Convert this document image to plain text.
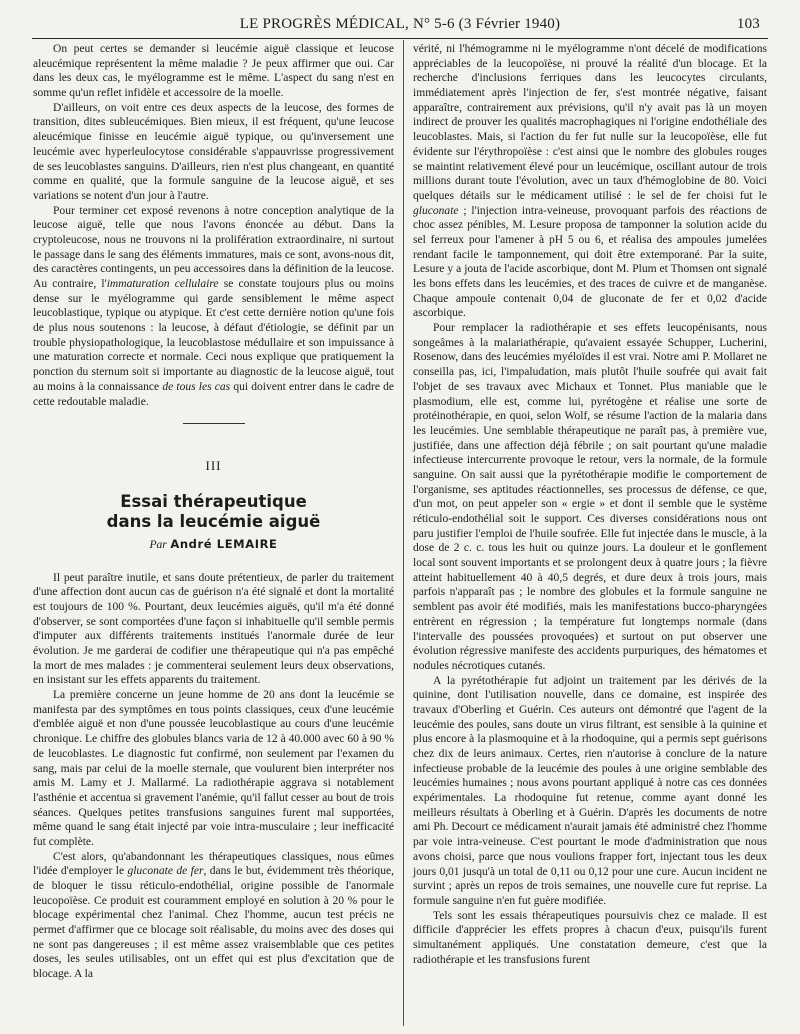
LE PROGRÈS MÉDICAL, N° 5-6 (3 Février 1940)	103

On peut certes se demander si leucémie aiguë classique et leucose aleucémique représentent la même maladie ? Je peux affirmer que oui. Car dans les deux cas, le myélogramme est le même. L'aspect du sang n'est en somme qu'un reflet infidèle et accessoire de la moelle.

D'ailleurs, on voit entre ces deux aspects de la leucose, des formes de transition, dites subleucémiques. Bien mieux, il est fréquent, qu'une leucose aleucémique finisse en leucémie aiguë typique, ou qu'inversement une leucémie avec hyperleulocytose considérable s'appauvrisse progressivement de ses leucoblastes sanguins. D'ailleurs, rien n'est plus changeant, en quantité comme en qualité, que la formule sanguine de la leucose aiguë, et ses variations se notent d'un jour à l'autre.

Pour terminer cet exposé revenons à notre conception analytique de la leucose aiguë, telle que nous l'avons énoncée au début. Dans la cryptoleucose, nous ne trouvons ni la prolifération extraordinaire, ni surtout le passage dans le sang des éléments immatures, mais ce sont, avons-nous dit, des caractères contingents, un peu accessoires dans la définition de la leucose. Au contraire, l'immaturation cellulaire se constate toujours plus ou moins dense sur le myélogramme qui garde sensiblement le même aspect leucoblastique, typique ou atypique. Et c'est cette dernière notion qu'une fois de plus nous soutenons : la leucose, à défaut d'étiologie, se définit par un trouble physiopathologique, la leucoblastose médullaire et son impuissance à une maturation correcte et normale. Ceci nous explique que pratiquement la ponction du sternum soit si importante au diagnostic de la leucose aiguë, tout au moins à la connaissance de tous les cas qui doivent entrer dans le cadre de cette redoutable maladie.

III
Essai thérapeutique
dans la leucémie aiguë
Par André LEMAIRE

Il peut paraître inutile, et sans doute prétentieux, de parler du traitement d'une affection dont aucun cas de guérison n'a été signalé et dont la mortalité est toujours de 100 %. Pourtant, deux leucémies aiguës, qu'il m'a été donné d'observer, se sont comportées d'une façon si inhabituelle qu'il semble permis d'imputer aux différents traitements institués l'anormale durée de leur évolution. Je me garderai de codifier une thérapeutique qui n'a pas empêché la mort de mes malades : je commenterai seulement leurs deux observations, en insistant sur les effets apparents du traitement.

La première concerne un jeune homme de 20 ans dont la leucémie se manifesta par des symptômes en tous points classiques, ceux d'une leucémie d'emblée aiguë et non d'une poussée leucoblastique au cours d'une leucémie chronique. Le chiffre des globules blancs varia de 12 à 40.000 avec 60 à 90 % de leucoblastes. Le diagnostic fut confirmé, non seulement par l'examen du sang, mais par celui de la moelle sternale, que voulurent bien interpréter nos amis M. Lamy et J. Mallarmé. La radiothérapie aggrava si notablement l'asthénie et accentua si gravement l'anémie, qu'il fallut cesser au bout de trois séances. Quelques petites transfusions sanguines furent mal supportées, même quand le sang était injecté par voie intra-musculaire ; leur inefficacité fut complète.

C'est alors, qu'abandonnant les thérapeutiques classiques, nous eûmes l'idée d'employer le gluconate de fer, dans le but, évidemment très théorique, de bloquer le tissu réticulo-endothélial, origine possible de l'anormale leucopoïèse. Ce produit est couramment employé en solution à 20 % pour le blocage expérimental chez l'animal. Chez l'homme, aucun test précis ne permet d'affirmer que ce blocage soit réalisable, du moins avec des doses qui ne sont pas dangereuses ; il est même assez vraisemblable que ces petites doses, les seules utilisables, ont un effet qui est plus d'excitation que de blocage. A la

vérité, ni l'hémogramme ni le myélogramme n'ont décelé de modifications appréciables de la leucopoïèse, ni prouvé la réalité d'un blocage. Et la recherche d'inclusions ferriques dans les leucocytes circulants, immédiatement après l'injection de fer, s'est montrée négative, faisant apparaître, contrairement aux prévisions, qu'il n'y avait pas là un moyen indirect de prouver les qualités macrophagiques ni l'origine endothéliale des leucoblastes. Mais, si l'action du fer fut nulle sur la leucopoïèse, elle fut évidente sur l'érythropoïèse : c'est ainsi que le nombre des globules rouges se maintint relativement élevé pour un leucémique, oscillant autour de trois millions durant toute l'évolution, avec un taux d'hémoglobine de 80. Voici quelques détails sur le médicament utilisé : le sel de fer choisi fut le gluconate ; l'injection intra-veineuse, provoquant parfois des réactions de choc assez pénibles, M. Lesure proposa de tamponner la solution acide du sel ferreux pour l'amener à pH 5 ou 6, et réalisa des ampoules jumelées rendant facile le tamponnement, qui doit être extemporané. Par la suite, Lesure y a jouta de l'acide ascorbique, dont M. Plum et Thomsen ont signalé les bons effets dans les leucémies, et des traces de cuivre et de manganèse. Chaque ampoule contenait 0,04 de gluconate de fer et 0,02 d'acide ascorbique.

Pour remplacer la radiothérapie et ses effets leucopénisants, nous songeâmes à la malariathérapie, qu'avaient essayée Schupper, Lucherini, Rosenow, dans des leucémies myéloïdes il est vrai. Notre ami P. Mollaret ne conseilla pas, ici, l'impaludation, mais plutôt l'huile soufrée qui avait fait l'objet de ses travaux avec Michaux et Tonnet. Plus maniable que le plasmodium, elle est, comme lui, pyrétogène et réalise une sorte de protéinothérapie, en quoi, selon Wolf, se résume l'action de la malaria dans les leucémies. Une semblable thérapeutique ne paraît pas, à première vue, justifiée, dans une affection déjà fébrile ; on sait pourtant qu'une maladie infectieuse intercurrente provoque le retour, vers la normale, de la formule sanguine. On sait aussi que la pyrétothérapie modifie le comportement de l'organisme, ses aptitudes réactionnelles, ses processus de défense, ce que, d'un mot, on peut appeler son « ergie » et dont il semble que le système réticulo-endothélial soit le support. Ces diverses considérations nous ont paru justifier l'emploi de l'huile soufrée. Elle fut injectée dans le muscle, à la dose de 2 c. c. tous les huit ou quinze jours. La douleur et le gonflement local sont souvent importants et se prolongent deux à quatre jours ; la fièvre atteint habituellement 40 à 40,5 degrés, et dure deux à trois jours, mais parfois n'apparaît pas ; le nombre des globules et la formule sanguine ne semblent pas avoir été modifiés, mais les manifestations bucco-pharyngées entrèrent en régression ; la température fut longtemps normale (dans l'intervalle des poussées provoquées) et surtout on put observer une évolution régressive manifeste des accidents purpuriques, des hématomes et nodules nécrotiques cutanés.

A la pyrétothérapie fut adjoint un traitement par les dérivés de la quinine, dont l'utilisation nouvelle, dans ce domaine, est inspirée des travaux d'Oberling et Guérin. Ces auteurs ont démontré que l'agent de la leucémie des poules, sans doute un virus filtrant, est sensible à la quinine et plus encore à la plasmoquine et à la rhodoquine, qui a permis sept guérisons chez dix de leurs animaux. Certes, rien n'autorise à conclure de la nature infectieuse probable de la leucémie des poules à une origine semblable des leucémies humaines ; nous avons pourtant appliqué à notre cas ces données expérimentales. La rhodoquine fut retenue, comme ayant donné les meilleurs résultats à Oberling et à Guérin. D'après les documents de notre ami Ph. Decourt ce médicament n'aurait jamais été administré chez l'homme par voie intra-veineuse. C'est pourtant le mode d'administration que nous avons choisi, parce que nous voulions frapper fort, injectant tous les deux jours 0,01 jusqu'à un total de 0,11 ou 0,12 pour une cure. Aucun incident ne survint ; après un repos de trois semaines, une nouvelle cure fut reprise. La formule sanguine n'en fut guère modifiée.

Tels sont les essais thérapeutiques poursuivis chez ce malade. Il est difficile d'apprécier les effets propres à chacun d'eux, puisqu'ils furent simultanément appliqués. Une constatation demeure, c'est que la radiothérapie et les transfusions furent
